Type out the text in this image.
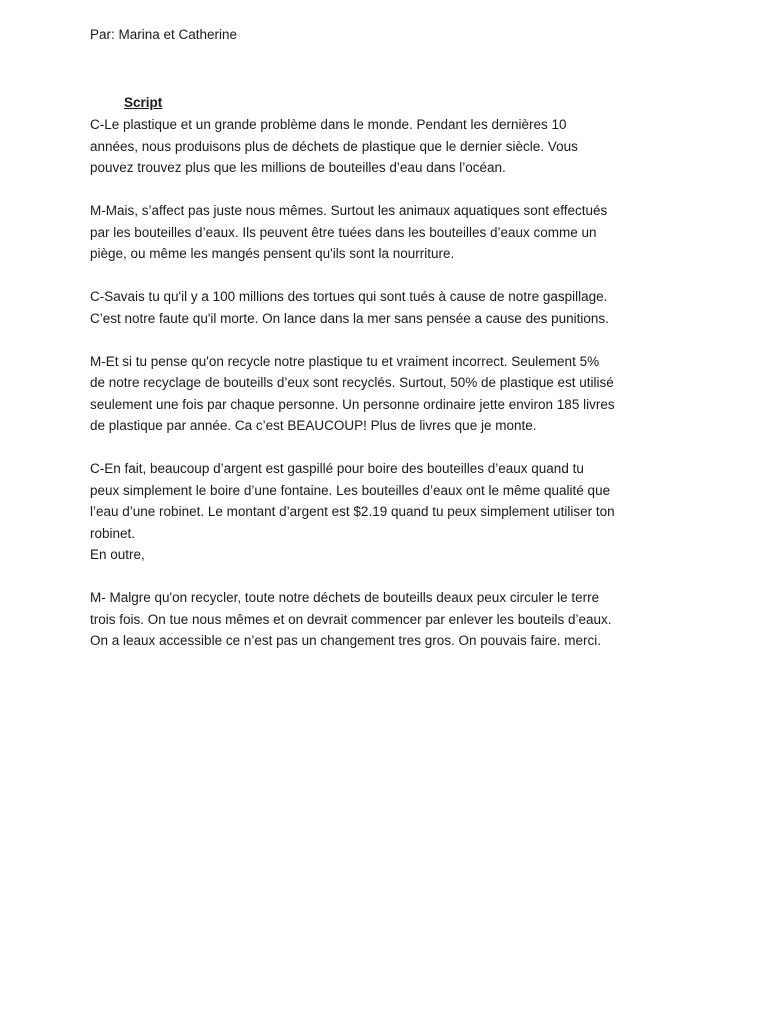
Par: Marina et Catherine
Script
C-Le plastique et un grande problème dans le monde. Pendant les dernières 10
années, nous produisons plus de déchets de plastique que le dernier siècle. Vous
pouvez trouvez plus que les millions de bouteilles d’eau dans l’océan.
M-Mais, s’affect pas juste nous mêmes. Surtout les animaux aquatiques sont effectués
par les bouteilles d’eaux. Ils peuvent être tuées dans les bouteilles d’eaux comme un
piège, ou même les mangés pensent qu'ils sont la nourriture.
C-Savais tu qu'il y a 100 millions des tortues qui sont tués à cause de notre gaspillage.
C’est notre faute qu'il morte. On lance dans la mer sans pensée a cause des punitions.
M-Et si tu pense qu'on recycle notre plastique tu et vraiment incorrect. Seulement 5%
de notre recyclage de bouteills d’eux sont recyclés. Surtout, 50% de plastique est utilisé
seulement une fois par chaque personne. Un personne ordinaire jette environ 185 livres
de plastique par année. Ca c’est BEAUCOUP! Plus de livres que je monte.
C-En fait, beaucoup d’argent est gaspillé pour boire des bouteilles d’eaux quand tu
peux simplement le boire d’une fontaine. Les bouteilles d’eaux ont le même qualité que
l’eau d’une robinet. Le montant d’argent est $2.19 quand tu peux simplement utiliser ton
robinet.
En outre,
M- Malgre qu'on recycler, toute notre déchets de bouteills deaux peux circuler le terre
trois fois. On tue nous mêmes et on devrait commencer par enlever les bouteils d’eaux.
On a leaux accessible ce n’est pas un changement tres gros. On pouvais faire. merci.
